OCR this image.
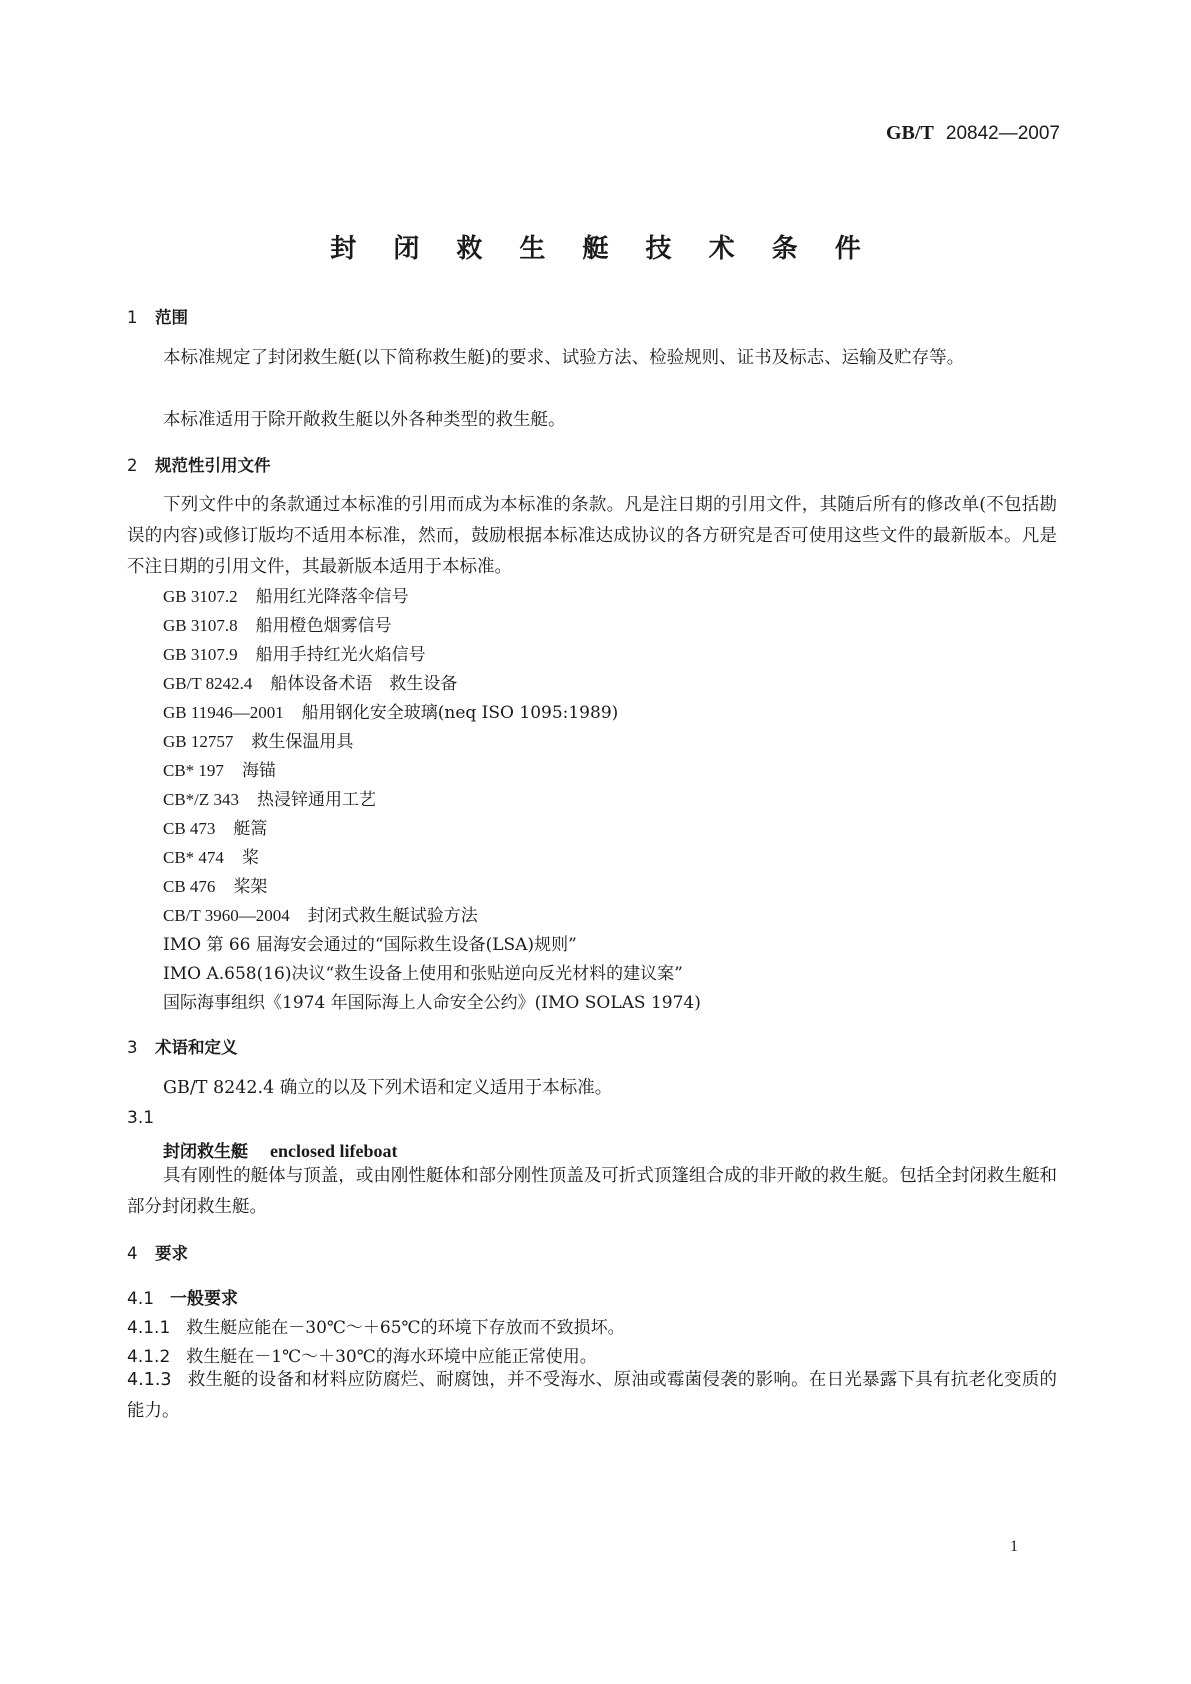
GB/T 20842—2007
封 闭 救 生 艇 技 术 条 件
1 范围
本标准规定了封闭救生艇(以下简称救生艇)的要求、试验方法、检验规则、证书及标志、运输及贮存等。
本标准适用于除开敞救生艇以外各种类型的救生艇。
2 规范性引用文件
下列文件中的条款通过本标准的引用而成为本标准的条款。凡是注日期的引用文件，其随后所有的修改单(不包括勘误的内容)或修订版均不适用本标准，然而，鼓励根据本标准达成协议的各方研究是否可使用这些文件的最新版本。凡是不注日期的引用文件，其最新版本适用于本标准。
GB 3107.2 船用红光降落伞信号
GB 3107.8 船用橙色烟雾信号
GB 3107.9 船用手持红光火焰信号
GB/T 8242.4 船体设备术语　救生设备
GB 11946—2001 船用钢化安全玻璃(neq ISO 1095:1989)
GB 12757 救生保温用具
CB* 197 海锚
CB*/Z 343 热浸锌通用工艺
CB 473 艇篙
CB* 474 桨
CB 476 桨架
CB/T 3960—2004 封闭式救生艇试验方法
IMO 第 66 届海安会通过的“国际救生设备(LSA)规则”
IMO A.658(16)决议“救生设备上使用和张贴逆向反光材料的建议案”
国际海事组织《1974 年国际海上人命安全公约》(IMO SOLAS 1974)
3 术语和定义
GB/T 8242.4 确立的以及下列术语和定义适用于本标准。
3.1
封闭救生艇 enclosed lifeboat
具有刚性的艇体与顶盖，或由刚性艇体和部分刚性顶盖及可折式顶篷组合成的非开敞的救生艇。包括全封闭救生艇和部分封闭救生艇。
4 要求
4.1 一般要求
4.1.1 救生艇应能在－30℃～＋65℃的环境下存放而不致损坏。
4.1.2 救生艇在－1℃～＋30℃的海水环境中应能正常使用。
4.1.3 救生艇的设备和材料应防腐烂、耐腐蚀，并不受海水、原油或霉菌侵袭的影响。在日光暴露下具有抗老化变质的能力。
1
